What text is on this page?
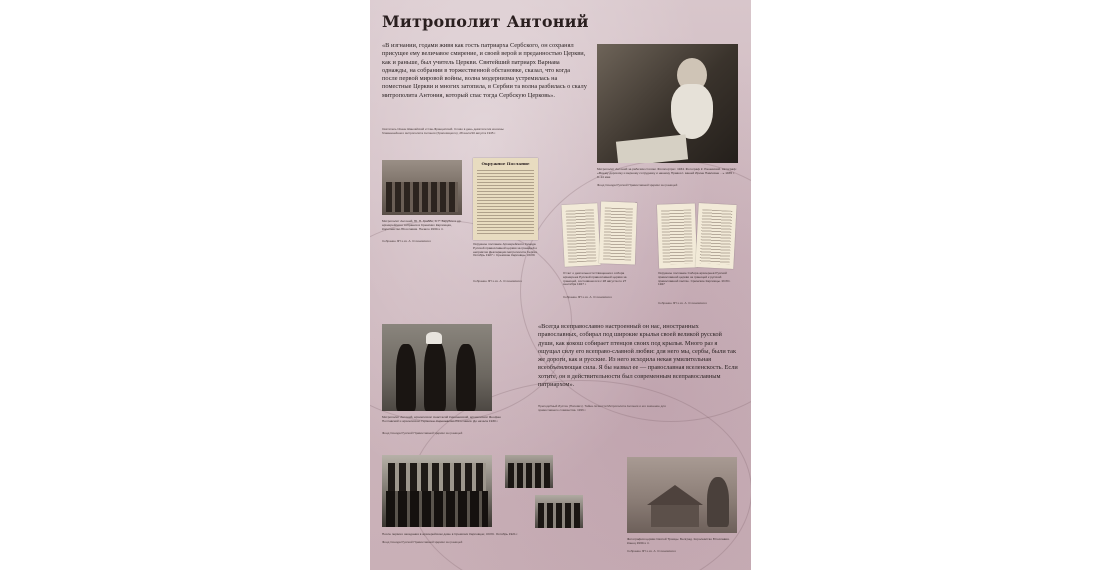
Митрополит Антоний
«В изгнании, годами живя как гость патриарха Сербского, он сохранял присущее ему величавое смирение, и своей верой и преданностью Церкви, как и раньше, был учитель Церкви. Святейший патриарх Варнава однажды, на собрании в торжественной обстановке, сказал, что когда после первой мировой войны, волна модернизма устремилась на поместные Церкви и многих затопила, в Сербии та волна разбилась о скалу митрополита Антония, который спас тогда Сербскую Церковь».
Святитель Иоанн Шанхайский и Сан-Францисский. Слово в день девятилетия кончины блаженнейшего митрополита Антония (Храповицкого), 28 июля/10 августа 1945 г.
Митрополит Антоний за рабочим столом. Фотопортрет. 1934. Фотограф К. Рашевский. Автограф: «Моему дорогому и верному сотруднику и нашему Правосл. вашей Ирине Павловне ...» 1935 г. 9–14 мая
Фонд Синода Русской Православной Церкви за границей
Митрополит Антоний, Ю. П. Граббе, А. Г. Зарубин и др. архиерейского собрания в Сремских Карловцах, Королевство Югославия. Начало 1930-х гг.
Собрание ЗП.з.из. А. Стояновского
Окружное Послание
Окружное послание Архиерейского Синода Русской православной церкви за границей о неприятии Декларации митрополита Сергия. Октябрь 1927 г. Сремские Карловцы. КСХС
Собрание ЗП.з.из. А. Стояновского
Отчет о деятельности Священного собора архиереев Русской православной церкви за границей, состоявшегося с 28 августа по 27 сентября 1927 г.
Собрание ЗП.з.из. А. Стояновского
Окружное послание Собора архиереев Русской православной церкви за границей к русской православной пастве. Сремские Карловцы. КСХС. 1927
Собрание ЗП.з.из. А. Стояновского
Митрополит Антоний, архиепископ Анастасий Кишиневский, архиепископ Феофан Полтавский и архиепископ Гермоген. Королевство Югославия. До начала 1930 г.
Фонд Синода Русской Православной Церкви за границей
«Всегда всеправославно настроенный он нас, иностранных православных, собирал под широкие крылья своей великой русской души, как кокош собирает птенцов своих под крылья. Много раз я ощущал силу его всеправо-славной любви: для него мы, сербы, были так же дороги, как и русские. Из него исходила некая умилительная всеобъемлющая сила. Я бы назвал ее — православная вселенскость. Если хотите, он в действительности был современным всеправославным патриархом».
Преподобный Иустин (Попович). Тайна личности Митрополита Антония и его значение для православного славянства. 1936 г.
После первого заседания в архиерейском доме в Сремских Карловцах, КСХС. Октябрь 1921 г.
Фонд Синода Русской Православной Церкви за границей
Фотография церкви Святой Троицы. Белград. Королевство Югославия. Конец 1930-х гг.
Собрание ЗП.з.из. А. Стояновского
